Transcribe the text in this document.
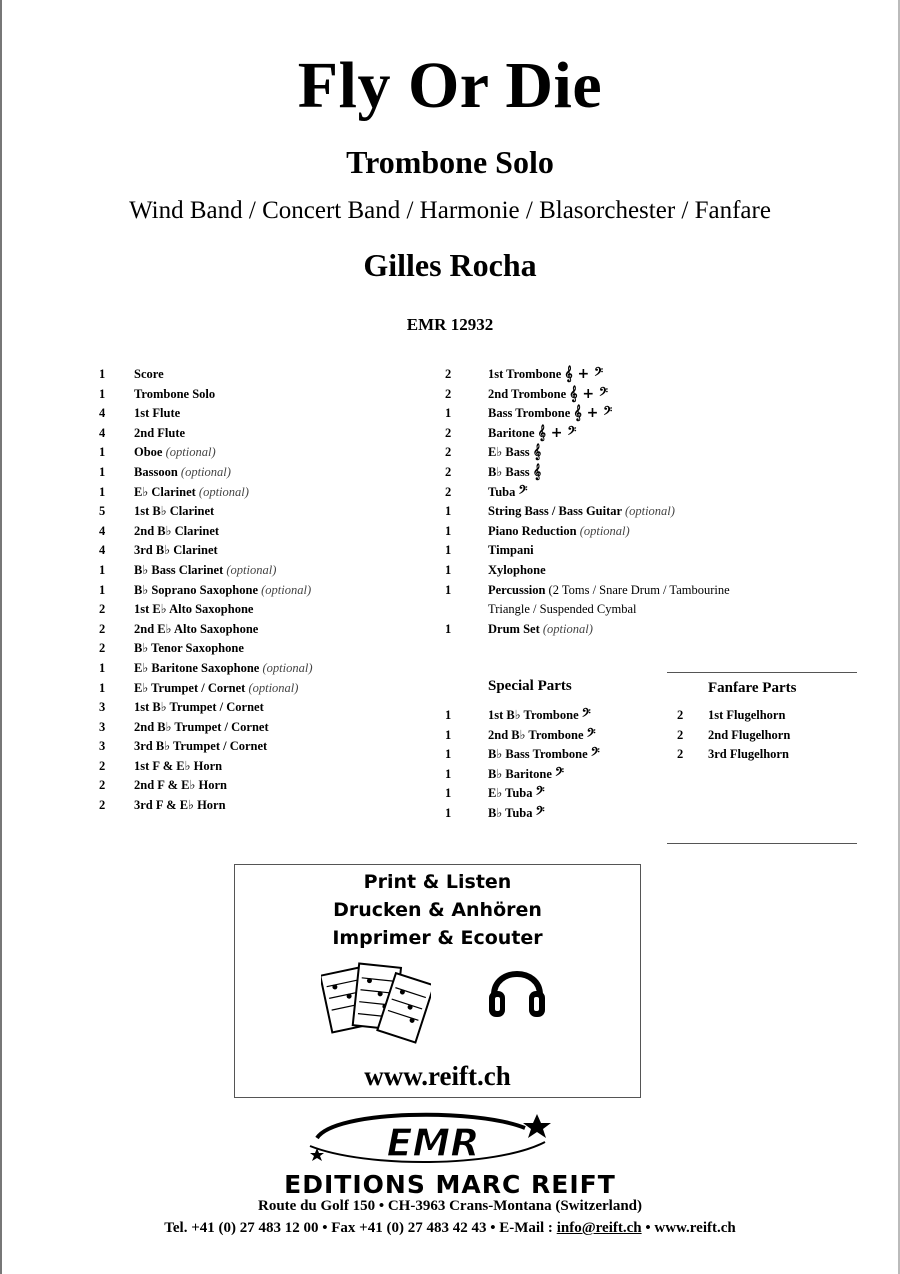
Fly Or Die
Trombone Solo
Wind Band / Concert Band / Harmonie / Blasorchester / Fanfare
Gilles Rocha
EMR 12932
1 Score
1 Trombone Solo
4 1st Flute
4 2nd Flute
1 Oboe (optional)
1 Bassoon (optional)
1 E♭ Clarinet (optional)
5 1st B♭ Clarinet
4 2nd B♭ Clarinet
4 3rd B♭ Clarinet
1 B♭ Bass Clarinet (optional)
1 B♭ Soprano Saxophone (optional)
2 1st E♭ Alto Saxophone
2 2nd E♭ Alto Saxophone
2 B♭ Tenor Saxophone
1 E♭ Baritone Saxophone (optional)
1 E♭ Trumpet / Cornet (optional)
3 1st B♭ Trumpet / Cornet
3 2nd B♭ Trumpet / Cornet
3 3rd B♭ Trumpet / Cornet
2 1st F & E♭ Horn
2 2nd F & E♭ Horn
2 3rd F & E♭ Horn
2	1st Trombone 𝄞 + 𝄢
2	2nd Trombone 𝄞 + 𝄢
1	Bass Trombone 𝄞 + 𝄢
2	Baritone 𝄞 + 𝄢
2	E♭ Bass 𝄞
2	B♭ Bass 𝄞
2	Tuba 𝄢
1	String Bass / Bass Guitar (optional)
1	Piano Reduction (optional)
1	Timpani
1	Xylophone
1	Percussion (2 Toms / Snare Drum / Tambourine
Triangle / Suspended Cymbal
1	Drum Set (optional)
Special Parts	Fanfare Parts
1	1st B♭ Trombone 𝄢
1	2nd B♭ Trombone 𝄢
1	B♭ Bass Trombone 𝄢
1	B♭ Baritone 𝄢
1	E♭ Tuba 𝄢
1	B♭ Tuba 𝄢
2 1st Flugelhorn
2 2nd Flugelhorn
2 3rd Flugelhorn
Print & Listen
Drucken & Anhören
Imprimer & Ecouter
www.reift.ch
EMR
EDITIONS MARC REIFT
Route du Golf 150 • CH-3963 Crans-Montana (Switzerland)
Tel. +41 (0) 27 483 12 00 • Fax +41 (0) 27 483 42 43 • E-Mail : info@reift.ch • www.reift.ch
